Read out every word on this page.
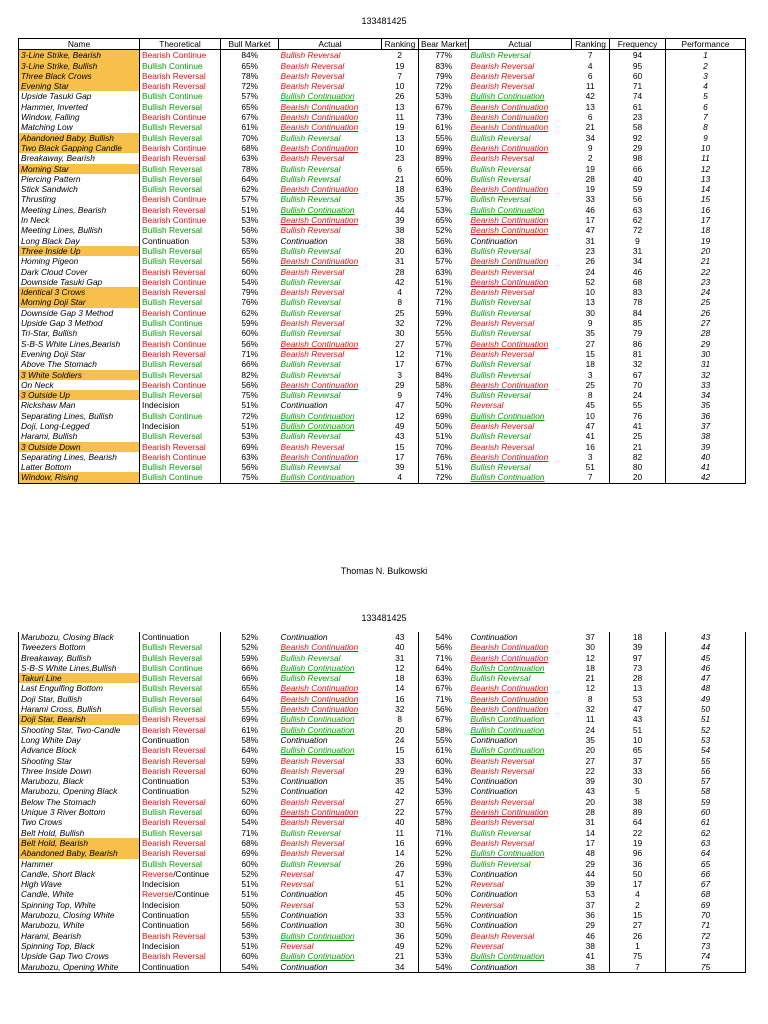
133481425
Name	Theoretical	Bull Market	Actual	Ranking	Bear Market	Actual	Ranking	Frequency	Performance
3-Line Strike, Bearish	Bearish Continue	84%	Bullish Reversal	2	77%	Bullish Reversal	7	94	1
3-Line Strike, Bullish	Bullish Continue	65%	Bearish Reversal	19	83%	Bearish Reversal	4	95	2
Three Black Crows	Bearish Reversal	78%	Bearish Reversal	7	79%	Bearish Reversal	6	60	3
Evening Star	Bearish Reversal	72%	Bearish Reversal	10	72%	Bearish Reversal	11	71	4
Upside Tasuki Gap	Bullish Continue	57%	Bullish Continuation	26	53%	Bullish Continuation	42	74	5
Hammer, Inverted	Bullish Reversal	65%	Bearish Continuation	13	67%	Bearish Continuation	13	61	6
Window, Falling	Bearish Continue	67%	Bearish Continuation	11	73%	Bearish Continuation	6	23	7
Matching Low	Bullish Reversal	61%	Bearish Continuation	19	61%	Bearish Continuation	21	58	8
Abandoned Baby, Bullish	Bullish Reversal	70%	Bullish Reversal	13	55%	Bullish Reversal	34	92	9
Two Black Gapping Candle	Bearish Continue	68%	Bearish Continuation	10	69%	Bearish Continuation	9	29	10
Breakaway, Bearish	Bearish Reversal	63%	Bearish Reversal	23	89%	Bearish Reversal	2	98	11
Morning Star	Bullish Reversal	78%	Bullish Reversal	6	65%	Bullish Reversal	19	66	12
Piercing Pattern	Bullish Reversal	64%	Bullish Reversal	21	60%	Bullish Reversal	28	40	13
Stick Sandwich	Bullish Reversal	62%	Bearish Continuation	18	63%	Bearish Continuation	19	59	14
Thrusting	Bearish Continue	57%	Bullish Reversal	35	57%	Bullish Reversal	33	56	15
Meeting Lines, Bearish	Bearish Reversal	51%	Bullish Continuation	44	53%	Bullish Continuation	46	63	16
In Neck	Bearish Continue	53%	Bearish Continuation	39	65%	Bearish Continuation	17	62	17
Meeting Lines, Bullish	Bullish Reversal	56%	Bullish Reversal	38	52%	Bearish Continuation	47	72	18
Long Black Day	Continuation	53%	Continuation	38	56%	Continuation	31	9	19
Three Inside Up	Bullish Reversal	65%	Bullish Reversal	20	63%	Bullish Reversal	23	31	20
Homing Pigeon	Bullish Reversal	56%	Bearish Continuation	31	57%	Bearish Continuation	26	34	21
Dark Cloud Cover	Bearish Reversal	60%	Bearish Reversal	28	63%	Bearish Reversal	24	46	22
Downside Tasuki Gap	Bearish Continue	54%	Bullish Reversal	42	51%	Bearish Continuation	52	68	23
Identical 3 Crows	Bearish Reversal	79%	Bearish Reversal	4	72%	Bearish Reversal	10	83	24
Morning Doji Star	Bullish Reversal	76%	Bullish Reversal	8	71%	Bullish Reversal	13	78	25
Downside Gap 3 Method	Bearish Continue	62%	Bullish Reversal	25	59%	Bullish Reversal	30	84	26
Upside Gap 3 Method	Bullish Continue	59%	Bearish Reversal	32	72%	Bearish Reversal	9	85	27
Tri-Star, Bullish	Bullish Reversal	60%	Bullish Reversal	30	55%	Bullish Reversal	35	79	28
S-B-S White Lines,Bearish	Bearish Continue	56%	Bearish Continuation	27	57%	Bearish Continuation	27	86	29
Evening Doji Star	Bearish Reversal	71%	Bearish Reversal	12	71%	Bearish Reversal	15	81	30
Above The Stomach	Bullish Reversal	66%	Bullish Reversal	17	67%	Bullish Reversal	18	32	31
3 White Soldiers	Bullish Reversal	82%	Bullish Reversal	3	84%	Bullish Reversal	3	67	32
On Neck	Bearish Continue	56%	Bearish Continuation	29	58%	Bearish Continuation	25	70	33
3 Outside Up	Bullish Reversal	75%	Bullish Reversal	9	74%	Bullish Reversal	8	24	34
Rickshaw Man	Indecision	51%	Continuation	47	50%	Reversal	45	55	35
Separating Lines, Bullish	Bullish Continue	72%	Bullish Continuation	12	69%	Bullish Continuation	10	76	36
Doji, Long-Legged	Indecision	51%	Bullish Continuation	49	50%	Bearish Reversal	47	41	37
Harami, Bullish	Bullish Reversal	53%	Bullish Reversal	43	51%	Bullish Reversal	41	25	38
3 Outside Down	Bearish Reversal	69%	Bearish Reversal	15	70%	Bearish Reversal	16	21	39
Separating Lines, Bearish	Bearish Continue	63%	Bearish Continuation	17	76%	Bearish Continuation	3	82	40
Latter Bottom	Bullish Reversal	56%	Bullish Reversal	39	51%	Bullish Reversal	51	80	41
Window, Rising	Bullish Continue	75%	Bullish Continuation	4	72%	Bullish Continuation	7	20	42
Thomas N. Bulkowski
133481425
Marubozu, Closing Black	Continuation	52%	Continuation	43	54%	Continuation	37	18	43
Tweezers Bottom	Bullish Reversal	52%	Bearish Continuation	40	56%	Bearish Continuation	30	39	44
Breakaway, Bullish	Bullish Reversal	59%	Bullish Reversal	31	71%	Bearish Continuation	12	97	45
S-B-S White Lines,Bullish	Bullish Continue	66%	Bullish Continuation	12	64%	Bullish Continuation	18	73	46
Takuri Line	Bullish Reversal	66%	Bullish Reversal	18	63%	Bullish Reversal	21	28	47
Last Engulfing Bottom	Bullish Reversal	65%	Bearish Continuation	14	67%	Bearish Continuation	12	13	48
Doji Star, Bullish	Bullish Reversal	64%	Bearish Continuation	16	71%	Bearish Continuation	8	53	49
Harami Cross, Bullish	Bullish Reversal	55%	Bearish Continuation	32	56%	Bearish Continuation	32	47	50
Doji Star, Bearish	Bearish Reversal	69%	Bullish Continuation	8	67%	Bullish Continuation	11	43	51
Shooting Star, Two-Candle	Bearish Reversal	61%	Bullish Continuation	20	58%	Bullish Continuation	24	51	52
Long White Day	Continuation	58%	Continuation	24	55%	Continuation	35	10	53
Advance Block	Bearish Reversal	64%	Bullish Continuation	15	61%	Bullish Continuation	20	65	54
Shooting Star	Bearish Reversal	59%	Bearish Reversal	33	60%	Bearish Reversal	27	37	55
Three Inside Down	Bearish Reversal	60%	Bearish Reversal	29	63%	Bearish Reversal	22	33	56
Marubozu, Black	Continuation	53%	Continuation	35	54%	Continuation	39	30	57
Marubozu, Opening Black	Continuation	52%	Continuation	42	53%	Continuation	43	5	58
Below The Stomach	Bearish Reversal	60%	Bearish Reversal	27	65%	Bearish Reversal	20	38	59
Unique 3 River Bottom	Bullish Reversal	60%	Bearish Continuation	22	57%	Bearish Continuation	28	89	60
Two Crows	Bearish Reversal	54%	Bearish Reversal	40	58%	Bearish Reversal	31	64	61
Belt Hold, Bullish	Bullish Reversal	71%	Bullish Reversal	11	71%	Bullish Reversal	14	22	62
Belt Hold, Bearish	Bearish Reversal	68%	Bearish Reversal	16	69%	Bearish Reversal	17	19	63
Abandoned Baby, Bearish	Bearish Reversal	69%	Bearish Reversal	14	52%	Bullish Continuation	48	96	64
Hammer	Bullish Reversal	60%	Bullish Reversal	26	59%	Bullish Reversal	29	36	65
Candle, Short Black	Reverse/Continue	52%	Reversal	47	53%	Continuation	44	50	66
High Wave	Indecision	51%	Reversal	51	52%	Reversal	39	17	67
Candle, White	Reverse/Continue	51%	Continuation	45	50%	Continuation	53	4	68
Spinning Top, White	Indecision	50%	Reversal	53	52%	Reversal	37	2	69
Marubozu, Closing White	Continuation	55%	Continuation	33	55%	Continuation	36	15	70
Marubozu, White	Continuation	56%	Continuation	30	56%	Continuation	29	27	71
Harami, Bearish	Bearish Reversal	53%	Bullish Continuation	36	50%	Bearish Reversal	46	26	72
Spinning Top, Black	Indecision	51%	Reversal	49	52%	Reversal	38	1	73
Upside Gap Two Crows	Bearish Reversal	60%	Bullish Continuation	21	53%	Bullish Continuation	41	75	74
Marubozu, Opening White	Continuation	54%	Continuation	34	54%	Continuation	38	7	75
